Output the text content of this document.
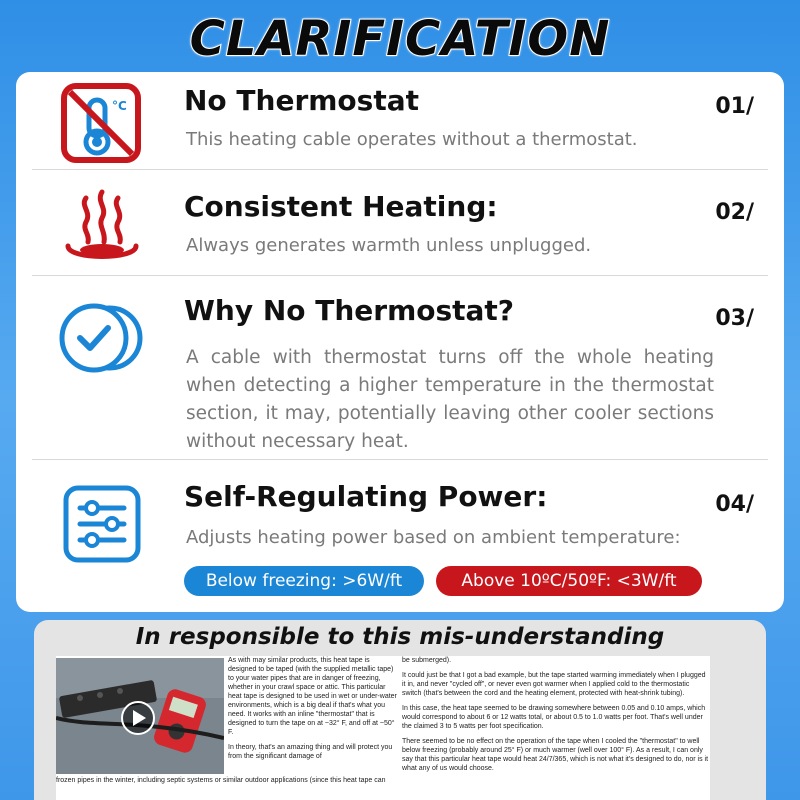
CLARIFICATION
°C No Thermostat	01/
This heating cable operates without a thermostat.
Consistent Heating:	02/
Always generates warmth unless unplugged.
Why No Thermostat?	03/
A cable with thermostat turns off the whole heating when detecting a higher temperature in the thermostat section, it may, potentially leaving other cooler sections without necessary heat.
Self-Regulating Power:	04/
Adjusts heating power based on ambient temperature:
Below freezing: >6W/ft	Above 10ºC/50ºF: <3W/ft
In responsible to this mis-understanding

As with may similar products, this heat tape is designed to be taped (with the supplied metallic tape) to your water pipes that are in danger of freezing, whether in your crawl space or attic. This particular heat tape is designed to be used in wet or under-water environments, which is a big deal if that's what you need. It works with an inline "thermostat" that is designed to turn the tape on at ~32° F, and off at ~50° F.

In theory, that's an amazing thing and will protect you from the significant damage of

frozen pipes in the winter, including septic systems or similar outdoor applications (since this heat tape can

be submerged).

It could just be that I got a bad example, but the tape started warming immediately when I plugged it in, and never "cycled off", or never even got warmer when I applied cold to the thermostatic switch (that's between the cord and the heating element, protected with heat-shrink tubing).

In this case, the heat tape seemed to be drawing somewhere between 0.05 and 0.10 amps, which would correspond to about 6 or 12 watts total, or about 0.5 to 1.0 watts per foot. That's well under the claimed 3 to 5 watts per foot specification.

There seemed to be no effect on the operation of the tape when I cooled the "thermostat" to well below freezing (probably around 25° F) or much warmer (well over 100° F). As a result, I can only say that this particular heat tape would heat 24/7/365, which is not what it's designed to do, nor is it what any of us would choose.
